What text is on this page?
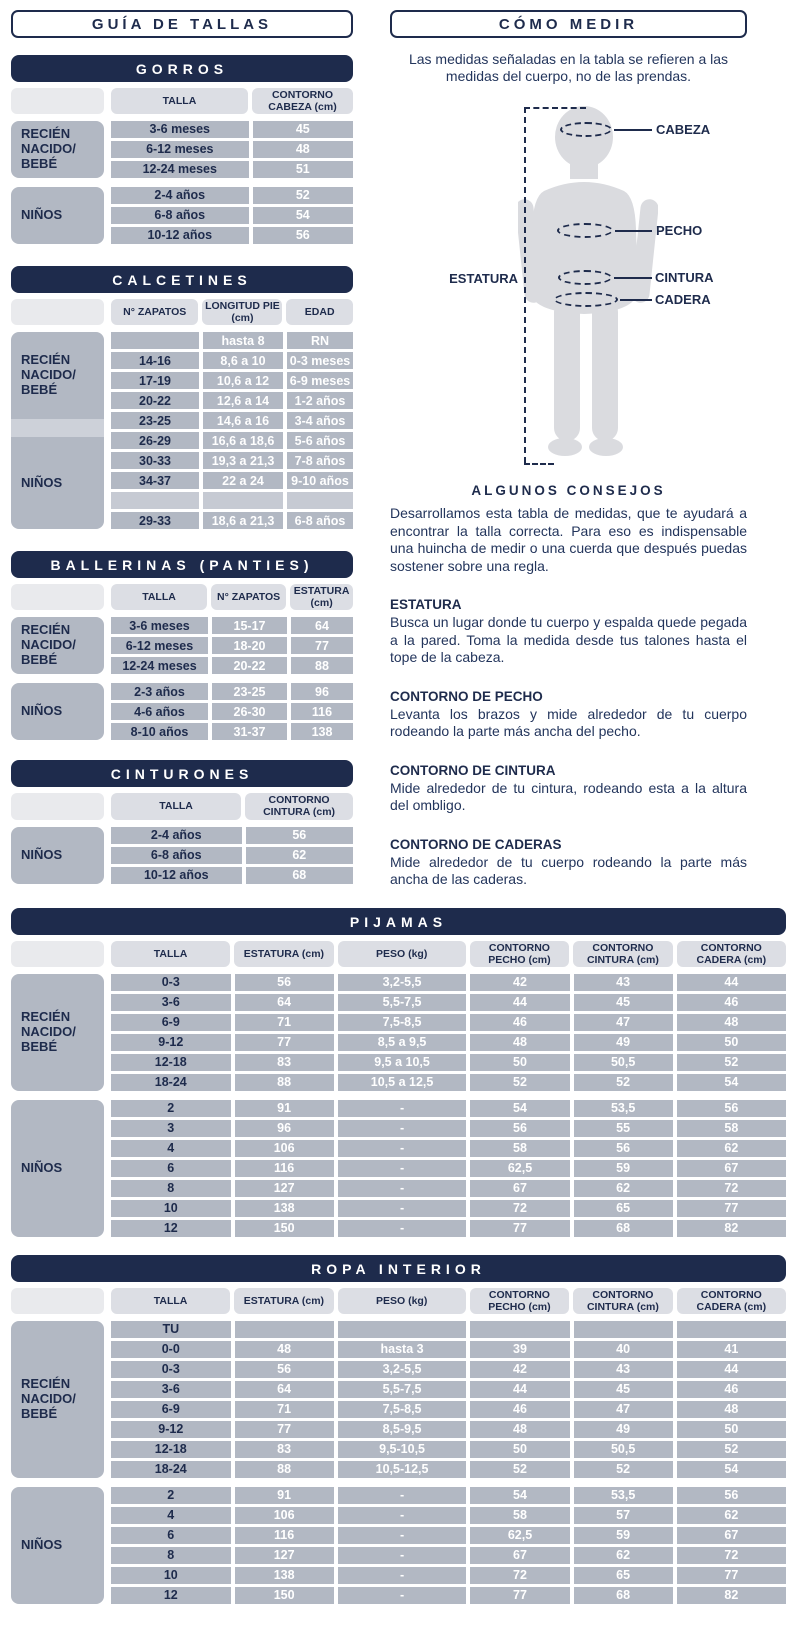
GUÍA DE TALLAS
GORROS
TALLA
CONTORNO CABEZA (cm)
RECIÉN NACIDO/ BEBÉ
3-6 meses	45
6-12 meses	48
12-24 meses	51
NIÑOS
2-4 años	52
6-8 años	54
10-12 años	56
CALCETINES
N° ZAPATOS
LONGITUD PIE (cm)
EDAD
RECIÉN NACIDO/ BEBÉ
NIÑOS
hasta 8	RN
14-16	8,6 a 10	0-3 meses
17-19	10,6 a 12	6-9 meses
20-22	12,6 a 14	1-2 años
23-25	14,6 a 16	3-4 años
26-29	16,6 a 18,6	5-6 años
30-33	19,3 a 21,3	7-8 años
34-37	22 a 24	9-10 años
29-33	18,6 a 21,3	6-8 años
BALLERINAS (PANTIES)
TALLA	N° ZAPATOS
ESTATURA (cm)
RECIÉN NACIDO/ BEBÉ
3-6 meses	15-17	64
6-12 meses	18-20	77
12-24 meses	20-22	88
NIÑOS
2-3 años	23-25	96
4-6 años	26-30	116
8-10 años	31-37	138
CINTURONES
TALLA
CONTORNO CINTURA (cm)
NIÑOS
2-4 años	56
6-8 años	62
10-12 años	68
CÓMO MEDIR

Las medidas señaladas en la tabla se refieren a las medidas del cuerpo, no de las prendas.

CABEZA
PECHO
CINTURA
CADERA
ESTATURA
ALGUNOS CONSEJOS

Desarrollamos esta tabla de medidas, que te ayudará a encontrar la talla correcta. Para eso es indispensable una huincha de medir o una cuerda que después puedas sostener sobre una regla.

ESTATURA

Busca un lugar donde tu cuerpo y espalda quede pegada a la pared. Toma la medida desde tus talones hasta el tope de la cabeza.

CONTORNO DE PECHO

Levanta los brazos y mide alrededor de tu cuerpo rodeando la parte más ancha del pecho.

CONTORNO DE CINTURA

Mide alrededor de tu cintura, rodeando esta a la altura del ombligo.

CONTORNO DE CADERAS

Mide alrededor de tu cuerpo rodeando la parte más ancha de las caderas.

PIJAMAS
TALLA	ESTATURA (cm)	PESO (kg)
CONTORNO PECHO (cm)
CONTORNO CINTURA (cm)
CONTORNO CADERA (cm)
RECIÉN NACIDO/ BEBÉ
0-3	56	3,2-5,5	42	43	44
3-6	64	5,5-7,5	44	45	46
6-9	71	7,5-8,5	46	47	48
9-12	77	8,5 a 9,5	48	49	50
12-18	83	9,5 a 10,5	50	50,5	52
18-24	88	10,5 a 12,5	52	52	54
NIÑOS
2	91	-	54	53,5	56
3	96	-	56	55	58
4	106	-	58	56	62
6	116	-	62,5	59	67
8	127	-	67	62	72
10	138	-	72	65	77
12	150	-	77	68	82
ROPA INTERIOR
TALLA	ESTATURA (cm)	PESO (kg)
CONTORNO PECHO (cm)
CONTORNO CINTURA (cm)
CONTORNO CADERA (cm)
RECIÉN NACIDO/ BEBÉ
TU
0-0	48	hasta 3	39	40	41
0-3	56	3,2-5,5	42	43	44
3-6	64	5,5-7,5	44	45	46
6-9	71	7,5-8,5	46	47	48
9-12	77	8,5-9,5	48	49	50
12-18	83	9,5-10,5	50	50,5	52
18-24	88	10,5-12,5	52	52	54
NIÑOS
2	91	-	54	53,5	56
4	106	-	58	57	62
6	116	-	62,5	59	67
8	127	-	67	62	72
10	138	-	72	65	77
12	150	-	77	68	82
